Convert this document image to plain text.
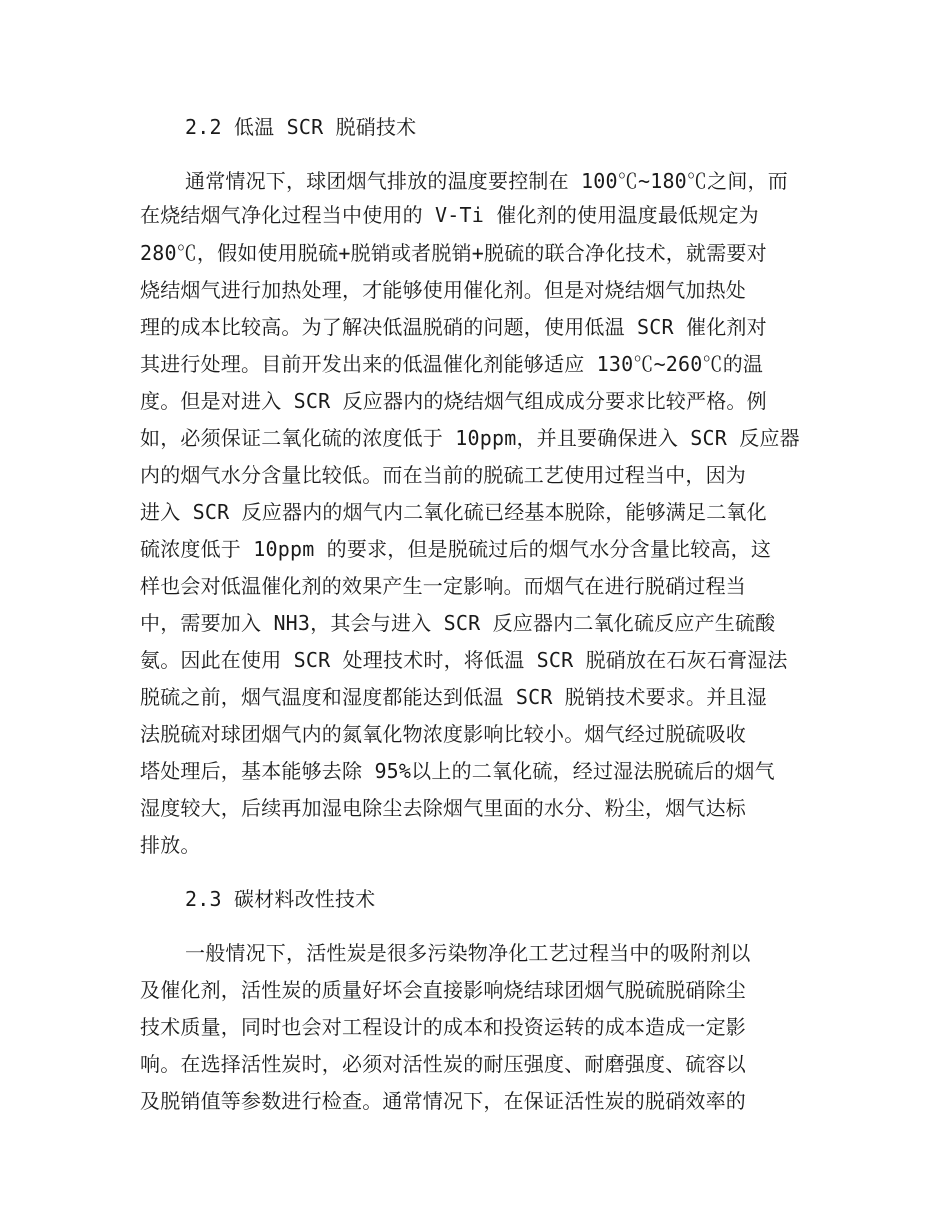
2.2 低温 SCR 脱硝技术
通常情况下，球团烟气排放的温度要控制在 100℃~180℃之间，而
在烧结烟气净化过程当中使用的 V-Ti 催化剂的使用温度最低规定为
280℃，假如使用脱硫+脱销或者脱销+脱硫的联合净化技术，就需要对
烧结烟气进行加热处理，才能够使用催化剂。但是对烧结烟气加热处
理的成本比较高。为了解决低温脱硝的问题，使用低温 SCR 催化剂对
其进行处理。目前开发出来的低温催化剂能够适应 130℃~260℃的温
度。但是对进入 SCR 反应器内的烧结烟气组成成分要求比较严格。例
如，必须保证二氧化硫的浓度低于 10ppm，并且要确保进入 SCR 反应器
内的烟气水分含量比较低。而在当前的脱硫工艺使用过程当中，因为
进入 SCR 反应器内的烟气内二氧化硫已经基本脱除，能够满足二氧化
硫浓度低于 10ppm 的要求，但是脱硫过后的烟气水分含量比较高，这
样也会对低温催化剂的效果产生一定影响。而烟气在进行脱硝过程当
中，需要加入 NH3，其会与进入 SCR 反应器内二氧化硫反应产生硫酸
氨。因此在使用 SCR 处理技术时，将低温 SCR 脱硝放在石灰石膏湿法
脱硫之前，烟气温度和湿度都能达到低温 SCR 脱销技术要求。并且湿
法脱硫对球团烟气内的氮氧化物浓度影响比较小。烟气经过脱硫吸收
塔处理后，基本能够去除 95%以上的二氧化硫，经过湿法脱硫后的烟气
湿度较大，后续再加湿电除尘去除烟气里面的水分、粉尘，烟气达标
排放。
2.3 碳材料改性技术
一般情况下，活性炭是很多污染物净化工艺过程当中的吸附剂以
及催化剂，活性炭的质量好坏会直接影响烧结球团烟气脱硫脱硝除尘
技术质量，同时也会对工程设计的成本和投资运转的成本造成一定影
响。在选择活性炭时，必须对活性炭的耐压强度、耐磨强度、硫容以
及脱销值等参数进行检查。通常情况下，在保证活性炭的脱硝效率的
